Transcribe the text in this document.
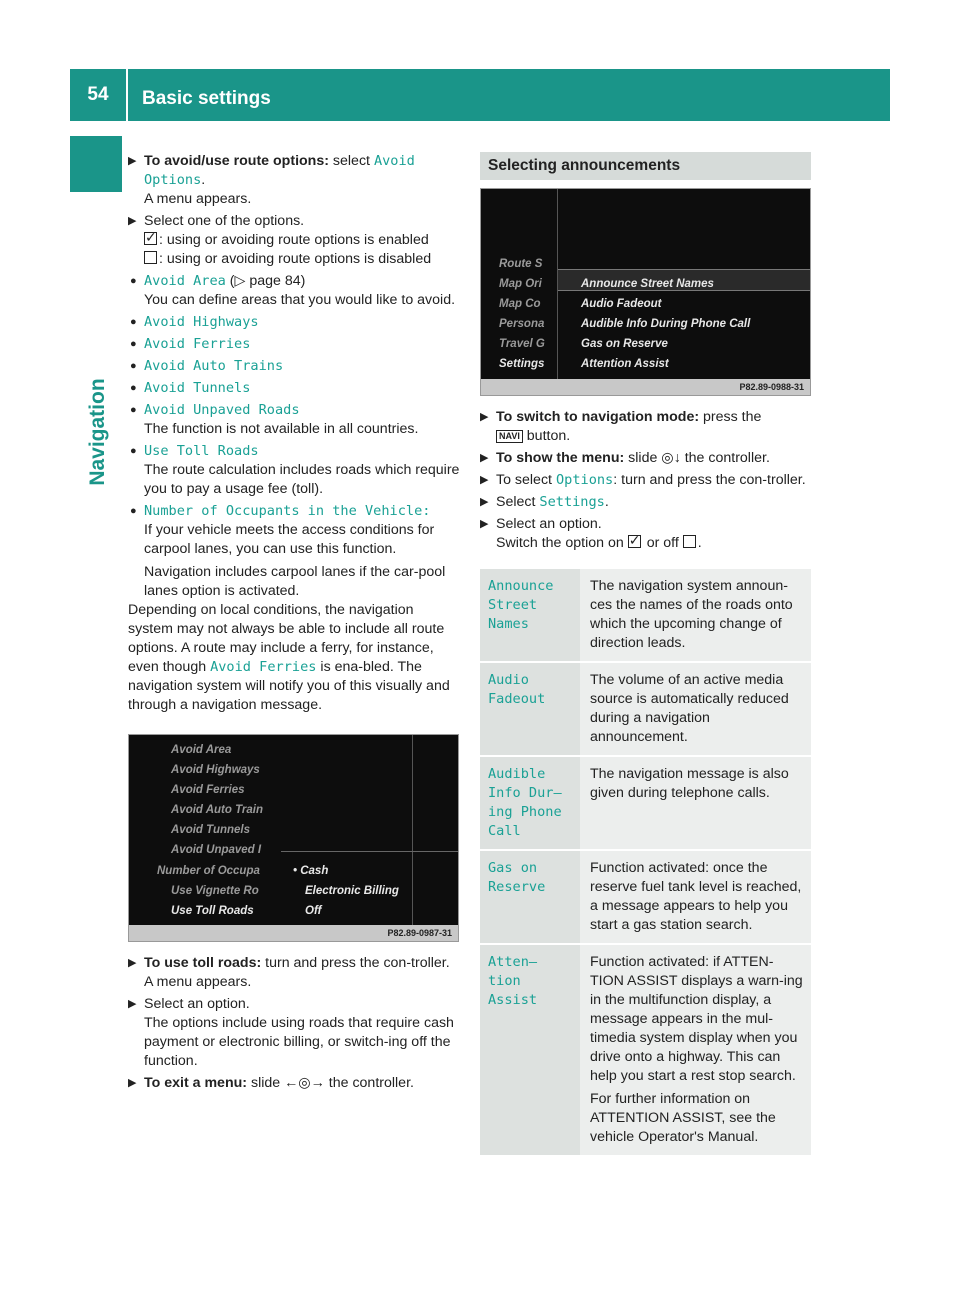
54	Basic settings
Navigation
▶ To avoid/use route options: select Avoid
Options.
A menu appears.
▶ Select one of the options.
✓: using or avoiding route options is enabled
: using or avoiding route options is disabled
● Avoid Area (▷ page 84)
You can define areas that you would like to avoid.
● Avoid Highways
● Avoid Ferries
● Avoid Auto Trains
● Avoid Tunnels
● Avoid Unpaved Roads
The function is not available in all countries.
● Use Toll Roads
The route calculation includes roads which require you to pay a usage fee (toll).
● Number of Occupants in the Vehicle:
If your vehicle meets the access conditions for carpool lanes, you can use this function.
Navigation includes carpool lanes if the car-pool lanes option is activated.
Depending on local conditions, the navigation system may not always be able to include all route options. A route may include a ferry, for instance, even though Avoid Ferries is ena-bled. The navigation system will notify you of this visually and through a navigation message.
Avoid Area
Avoid Highways
Avoid Ferries
Avoid Auto Train
Avoid Tunnels
Avoid Unpaved I
Number of Occupa
Use Vignette Ro
Use Toll Roads
• Cash
Electronic Billing
Off
P82.89-0987-31
▶ To use toll roads: turn and press the con-troller.
A menu appears.
▶ Select an option.
The options include using roads that require cash payment or electronic billing, or switch-ing off the function.
▶ To exit a menu: slide ←◎→ the controller.
Selecting announcements
Route S
Map Ori
Map Co
Persona
Travel G
Settings
Announce Street Names
Audio Fadeout
Audible Info During Phone Call
Gas on Reserve
Attention Assist
P82.89-0988-31
▶ To switch to navigation mode: press the
NAVI button.
▶ To show the menu: slide ◎↓ the controller.
▶ To select Options: turn and press the con-troller.
▶ Select Settings.
▶ Select an option.
Switch the option on ✓ or off .
Announce Street Names	The navigation system announ-ces the names of the roads onto which the upcoming change of direction leads.

Audio Fadeout	The volume of an active media source is automatically reduced during a navigation announcement.

Audible Info Dur– ing Phone Call	The navigation message is also given during telephone calls.

Gas on Reserve	Function activated: once the reserve fuel tank level is reached, a message appears to help you start a gas station search.

Atten– tion Assist	Function activated: if ATTEN-TION ASSIST displays a warn-ing in the multifunction display, a message appears in the mul-timedia system display when you drive onto a highway. This can help you start a rest stop search.

For further information on ATTENTION ASSIST, see the vehicle Operator's Manual.
